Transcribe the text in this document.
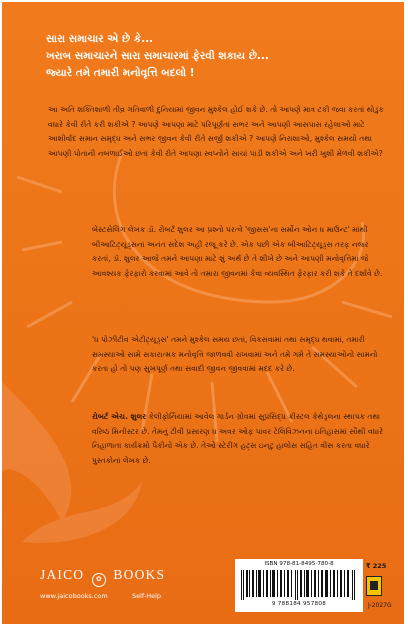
સારા સમાચાર એ છે કે...
ખરાબ સમાચારને સારા સમાચારમાં ફેરવી શકાય છે...
જ્યારે તમે તમારી મનોવૃત્તિ બદલો !

આ અતિ શક્તિશાળી તીવ્ર ગતિવાળી દુનિયામાં જીવન મુશ્કેલ હોઈ શકે છે. તો આપણે માત્ર ટકી જવા કરતાં થોડુંક વધારે કેવી રીતે કરી શકીએ ? આપણે આપણા માટે પરિપૂર્ણતાં સભર અને આપણી આસપાસ રહેલાઓ માટે આશીર્વાદ સમાન સમૃદ્ધ અને સભર જીવન કેવી રીતે સર્જી શકીએ ? આપણે નિરાશાઓ, મુશ્કેલ સમયો તથા આપણી પોતાની નબળાઈઓ છતાં કેવી રીતે આપણા સ્વપ્નોને સાચાં પાડી શકીએ અને ખરી ખુશી મેળવી શકીએ?

બેસ્ટસેલિંગ લેખક ડૉ. રોબર્ટ શુલર આ પ્રશ્નો પરત્વે 'જીસસ'ના સર્મોન ઓન ધ માઉન્ટ' માંથી બીઆટિટ્યૂડ્સના અનંત સંદેશ અહીં રજૂ કરે છે. એક પછી એક બીઆટિટ્યૂડ્સ તરફ નજર કરતાં, ડૉ. શુલર આજે તમને આપણા માટે શું અર્થ છે તે શીખે છે અને આપણી મનોવૃત્તિમાં જે આવશ્યક ફેરફારો કરવામાં આવે તો તમારા જીવનમાં કેવા વ્યવસ્થિત ફેરફાર કરી શકે તે દર્શાવે છે.

'ધ પોઝીટીવ એટીટ્યૂડ્સ' તમને મુશ્કેલ સમય છતાં, વિકસવામાં તથા સમૃદ્ધ થવામાં, તમારી સમસ્યાઓ સામે સકારાત્મક મનોવૃત્તિ જાળવવી રાખવામાં અને તમે ગમે તે સમસ્યાઓનો સામનો કરતા હો તો પણ સુખપૂર્ણ તથા સંવાદી જીવન જીવવામાં મદદ કરે છે.

રોબર્ટ એચ. શુલર કેલીફોર્નિયામાં આવેલ ગાર્ડન ગ્રોવમાં સુપ્રસિદ્ધ ક્રીસ્ટલ કેથેડ્રલના સ્થાપક તથા વરિષ્ઠ મિનીસ્ટર છે. તેમનું ટીવી પ્રસારણ ધ અવર ઓફ પાવર ટેલિવિઝનના ઇતિહાસમાં સૌથી વધારે નિહાળાતા કાર્યક્રમો પૈકીનો એક છે. તેઓ સ્ટેરીંગ હટ્સ ઇનટુ હાલોસ સહિત વીસ કરતા વધારે પુસ્તકોના લેખક છે.

JAICO ✿ BOOKS
www.jaicobooks.com	Self-Help
ISBN 978-81-8495-780-8
9 788184 957808
₹ 225
J-2027G
